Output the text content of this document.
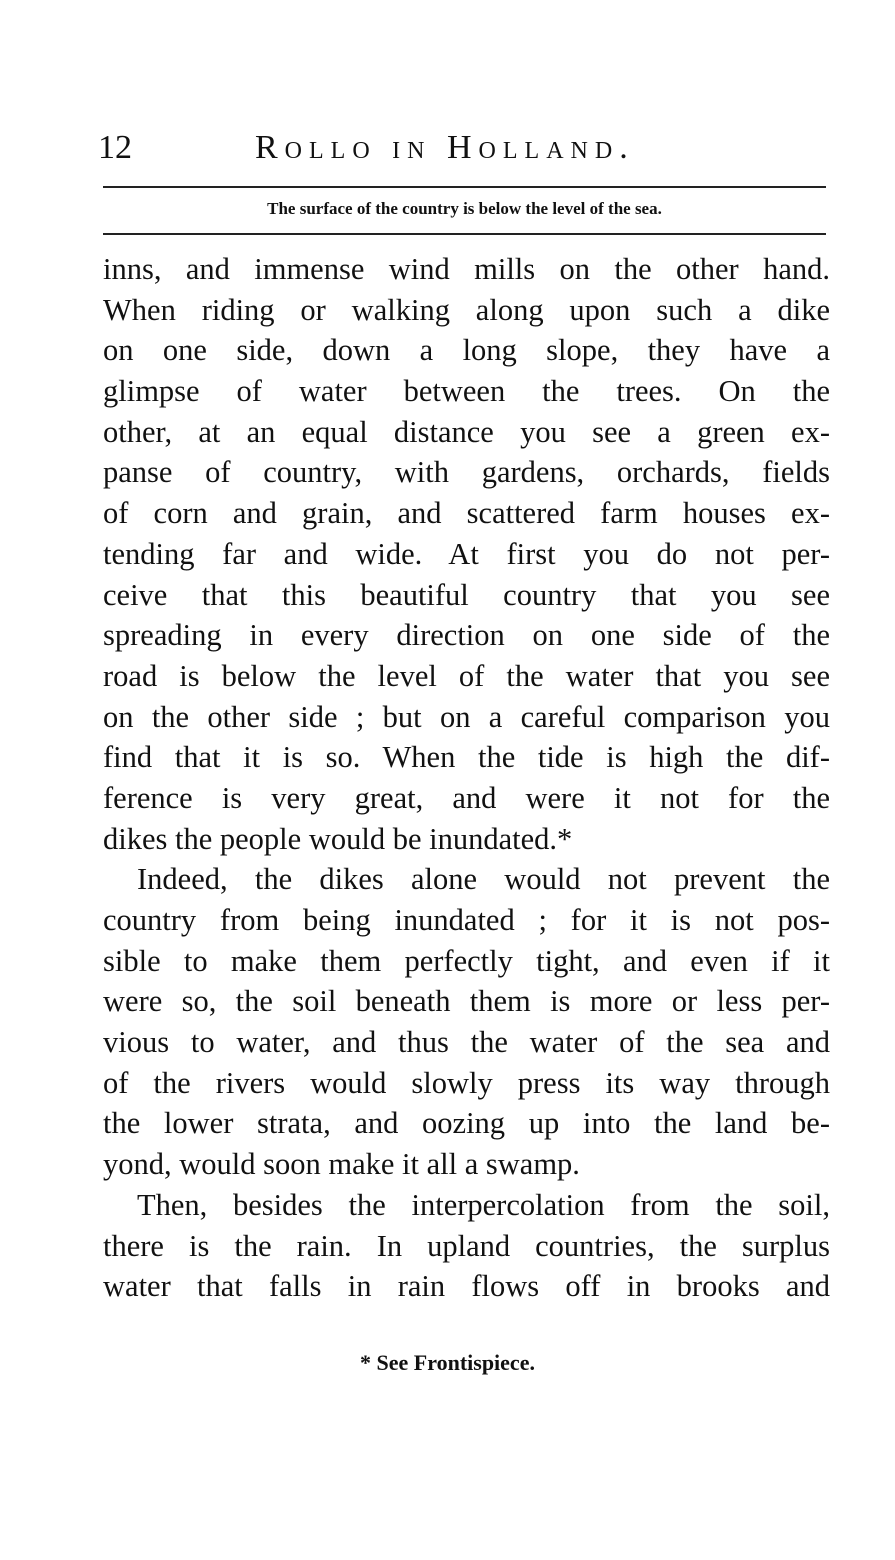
12	Rollo in Holland.
The surface of the country is below the level of the sea.
inns, and immense wind mills on the other hand.
When riding or walking along upon such a dike
on one side, down a long slope, they have a
glimpse of water between the trees. On the
other, at an equal distance you see a green ex-
panse of country, with gardens, orchards, fields
of corn and grain, and scattered farm houses ex-
tending far and wide. At first you do not per-
ceive that this beautiful country that you see
spreading in every direction on one side of the
road is below the level of the water that you see
on the other side ; but on a careful comparison you
find that it is so. When the tide is high the dif-
ference is very great, and were it not for the
dikes the people would be inundated.*
Indeed, the dikes alone would not prevent the
country from being inundated ; for it is not pos-
sible to make them perfectly tight, and even if it
were so, the soil beneath them is more or less per-
vious to water, and thus the water of the sea and
of the rivers would slowly press its way through
the lower strata, and oozing up into the land be-
yond, would soon make it all a swamp.
Then, besides the interpercolation from the soil,
there is the rain. In upland countries, the surplus
water that falls in rain flows off in brooks and
* See Frontispiece.
